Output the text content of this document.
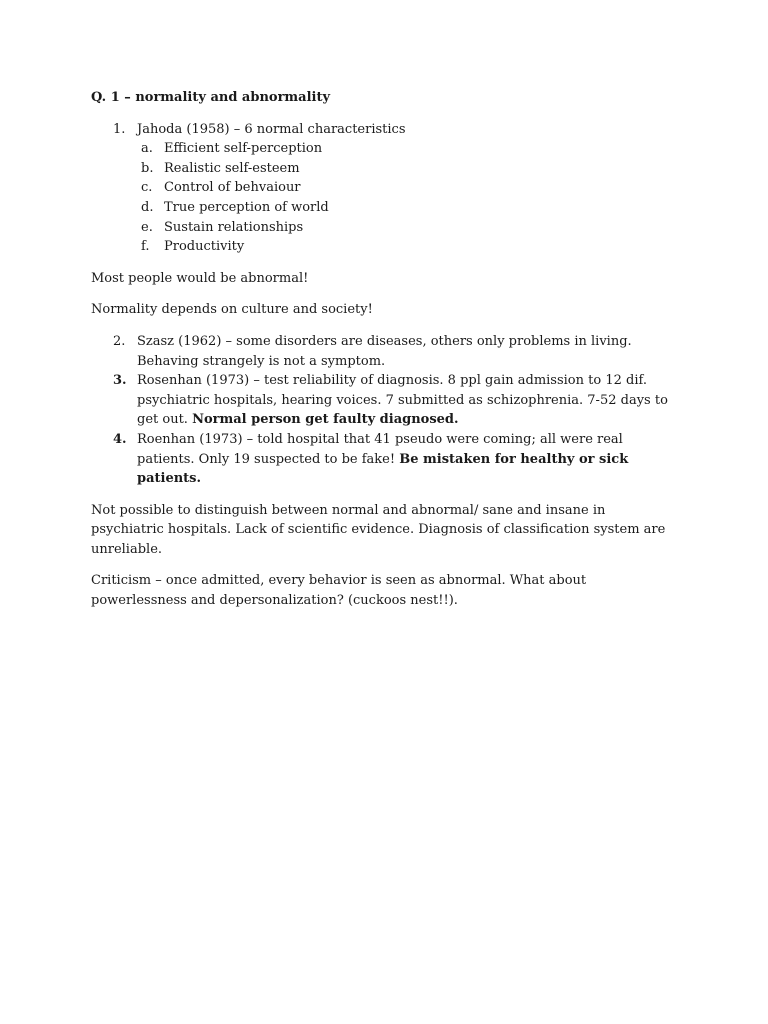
Q. 1 – normality and abnormality
1. Jahoda (1958) – 6 normal characteristics
a. Efficient self-perception
b. Realistic self-esteem
c. Control of behvaiour
d. True perception of world
e. Sustain relationships
f.	Productivity
Most people would be abnormal!
Normality depends on culture and society!
2. Szasz (1962) – some disorders are diseases, others only problems in living. Behaving strangely is not a symptom.
3. Rosenhan (1973) – test reliability of diagnosis. 8 ppl gain admission to 12 dif. psychiatric hospitals, hearing voices. 7 submitted as schizophrenia. 7-52 days to get out. Normal person get faulty diagnosed.
4. Roenhan (1973) – told hospital that 41 pseudo were coming; all were real patients. Only 19 suspected to be fake! Be mistaken for healthy or sick patients.
Not possible to distinguish between normal and abnormal/ sane and insane in psychiatric hospitals. Lack of scientific evidence. Diagnosis of classification system are unreliable.
Criticism – once admitted, every behavior is seen as abnormal. What about powerlessness and depersonalization? (cuckoos nest!!).
